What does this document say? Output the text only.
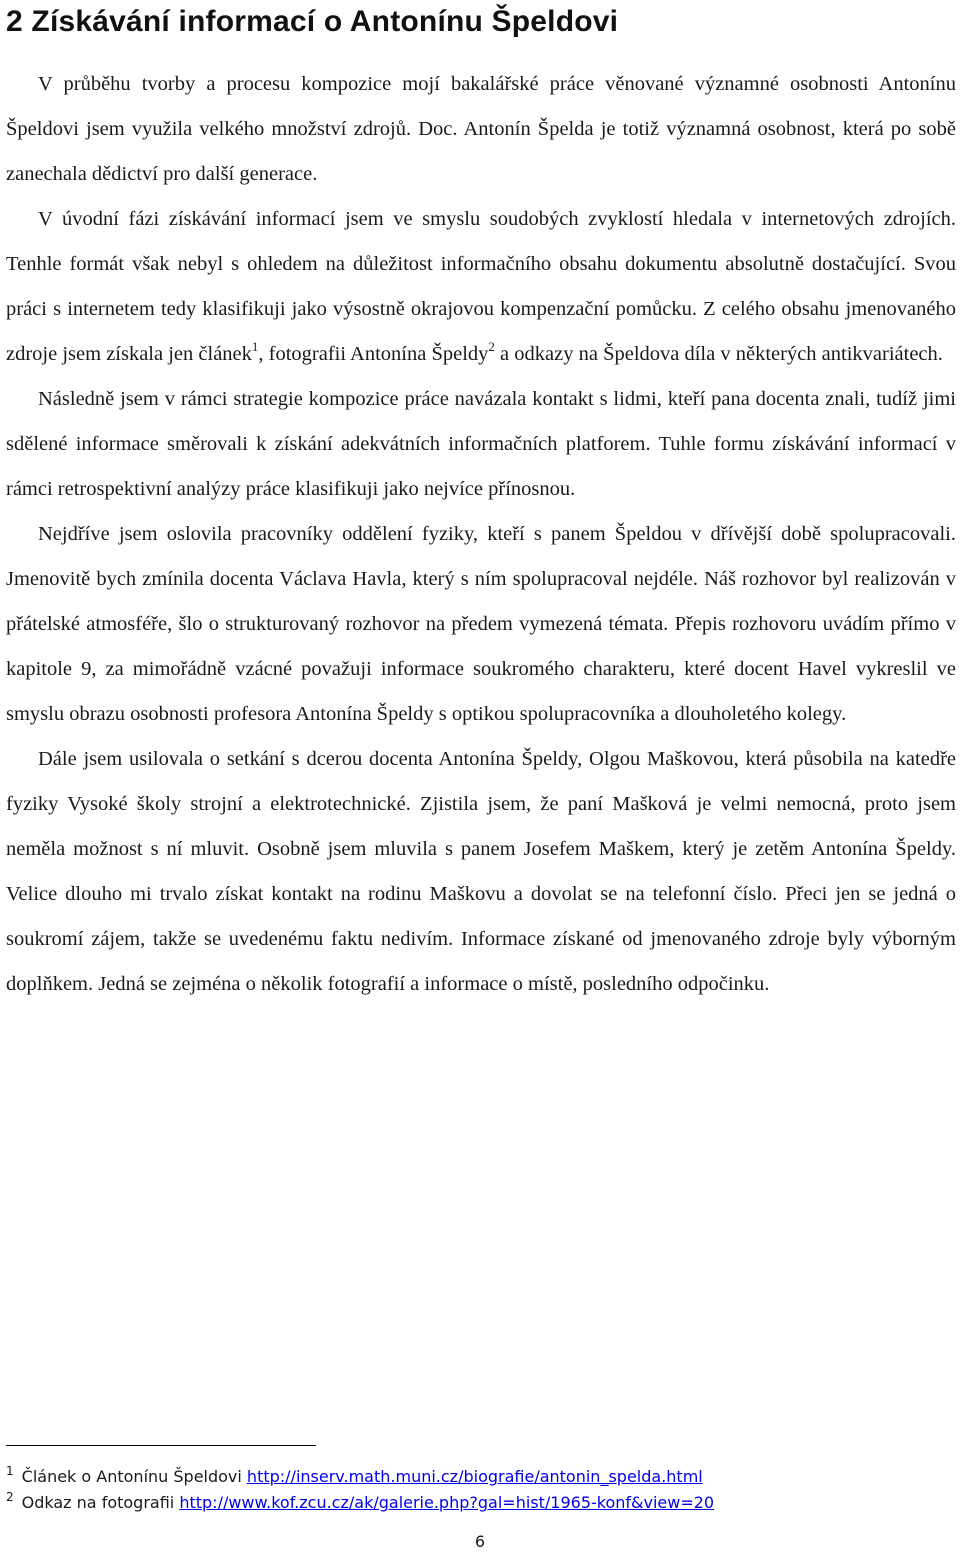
2 Získávání informací o Antonínu Špeldovi

V průběhu tvorby a procesu kompozice mojí bakalářské práce věnované významné osobnosti Antonínu Špeldovi jsem využila velkého množství zdrojů. Doc. Antonín Špelda je totiž významná osobnost, která po sobě zanechala dědictví pro další generace.

V úvodní fázi získávání informací jsem ve smyslu soudobých zvyklostí hledala v internetových zdrojích. Tenhle formát však nebyl s ohledem na důležitost informačního obsahu dokumentu absolutně dostačující. Svou práci s internetem tedy klasifikuji jako výsostně okrajovou kompenzační pomůcku. Z celého obsahu jmenovaného zdroje jsem získala jen článek$^1$, fotografii Antonína Špeldy$^2$ a odkazy na Špeldova díla v některých antikvariátech.

Následně jsem v rámci strategie kompozice práce navázala kontakt s lidmi, kteří pana docenta znali, tudíž jimi sdělené informace směrovali k získání adekvátních informačních platforem. Tuhle formu získávání informací v rámci retrospektivní analýzy práce klasifikuji jako nejvíce přínosnou.

Nejdříve jsem oslovila pracovníky oddělení fyziky, kteří s panem Špeldou v dřívější době spolupracovali. Jmenovitě bych zmínila docenta Václava Havla, který s ním spolupracoval nejdéle. Náš rozhovor byl realizován v přátelské atmosféře, šlo o strukturovaný rozhovor na předem vymezená témata. Přepis rozhovoru uvádím přímo v kapitole 9, za mimořádně vzácné považuji informace soukromého charakteru, které docent Havel vykreslil ve smyslu obrazu osobnosti profesora Antonína Špeldy s optikou spolupracovníka a dlouholetého kolegy.

Dále jsem usilovala o setkání s dcerou docenta Antonína Špeldy, Olgou Maškovou, která působila na katedře fyziky Vysoké školy strojní a elektrotechnické. Zjistila jsem, že paní Mašková je velmi nemocná, proto jsem neměla možnost s ní mluvit. Osobně jsem mluvila s panem Josefem Maškem, který je zetěm Antonína Špeldy. Velice dlouho mi trvalo získat kontakt na rodinu Maškovu a dovolat se na telefonní číslo. Přeci jen se jedná o soukromí zájem, takže se uvedenému faktu nedivím. Informace získané od jmenovaného zdroje byly výborným doplňkem. Jedná se zejména o několik fotografií a informace o místě, posledního odpočinku.

$^1$ Článek o Antonínu Špeldovi http://inserv.math.muni.cz/biografie/antonin_spelda.html
$^2$ Odkaz na fotografii http://www.kof.zcu.cz/ak/galerie.php?gal=hist/1965-konf&view=20
6
